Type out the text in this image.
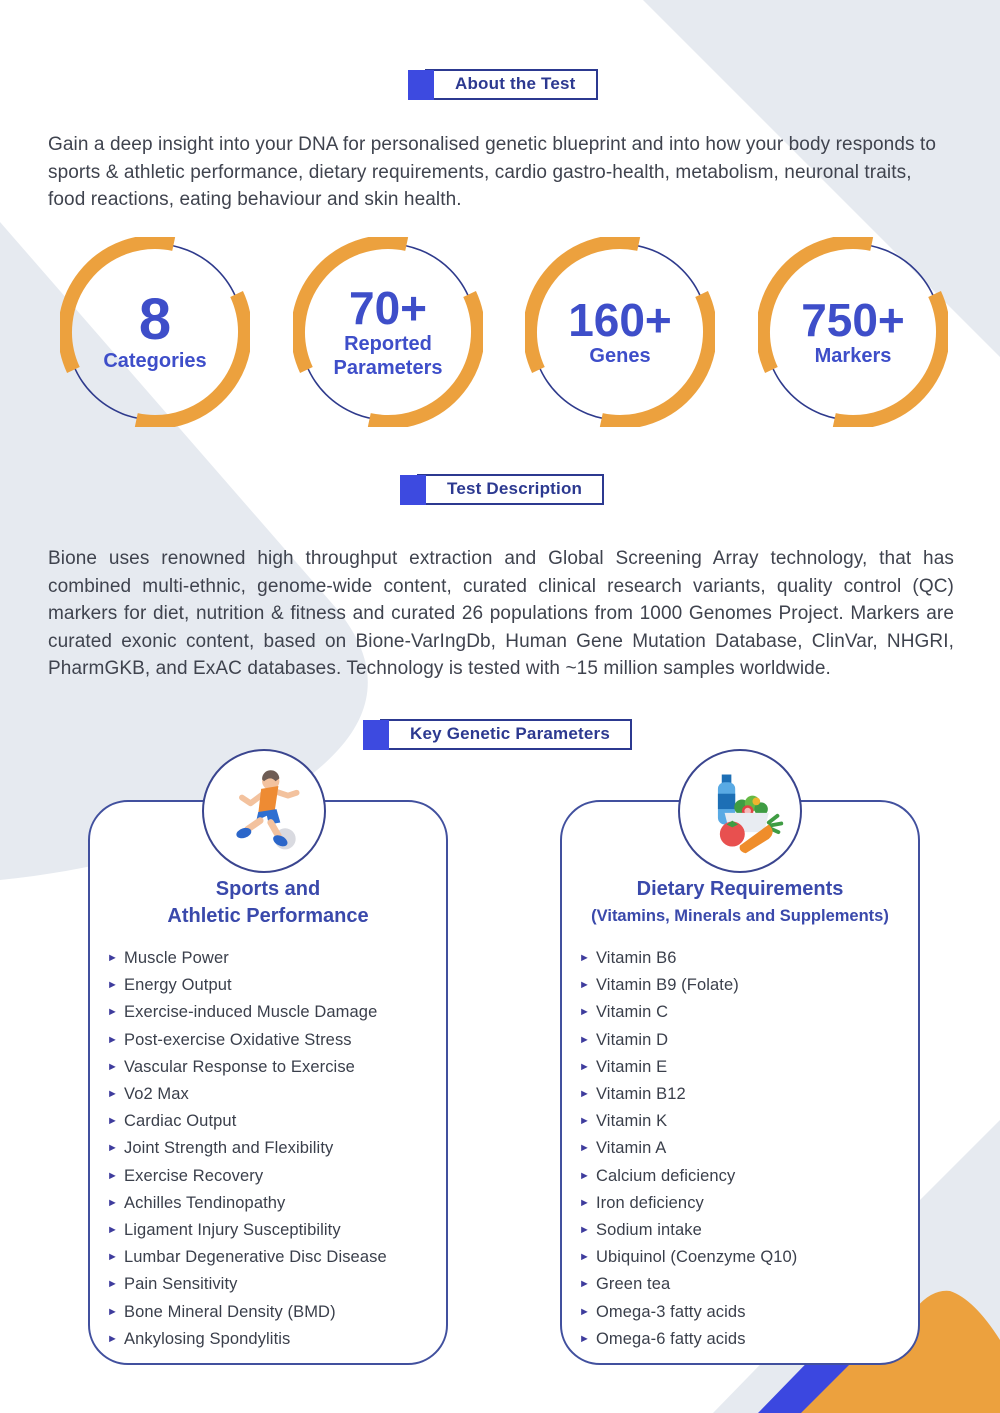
About the Test

Gain a deep insight into your DNA for personalised genetic blueprint and into how your body responds to sports & athletic performance, dietary requirements, cardio gastro-health, metabolism, neuronal traits, food reactions, eating behaviour and skin health.

8
Categories
70+
Reported Parameters
160+
Genes
750+
Markers
Test Description

Bione uses renowned high throughput extraction and Global Screening Array technology, that has combined multi-ethnic, genome-wide content, curated clinical research variants, quality control (QC) markers for diet, nutrition & fitness and curated 26 populations from 1000 Genomes Project. Markers are curated exonic content, based on Bione-VarIngDb, Human Gene Mutation Database, ClinVar, NHGRI, PharmGKB, and ExAC databases. Technology is tested with ~15 million samples worldwide.

Key Genetic Parameters
Sports and
Athletic Performance
► Muscle Power
► Energy Output
► Exercise-induced Muscle Damage
► Post-exercise Oxidative Stress
► Vascular Response to Exercise
► Vo2 Max
► Cardiac Output
► Joint Strength and Flexibility
► Exercise Recovery
► Achilles Tendinopathy
► Ligament Injury Susceptibility
► Lumbar Degenerative Disc Disease
► Pain Sensitivity
► Bone Mineral Density (BMD)
► Ankylosing Spondylitis
Dietary Requirements
(Vitamins, Minerals and Supplements)
► Vitamin B6
► Vitamin B9 (Folate)
► Vitamin C
► Vitamin D
► Vitamin E
► Vitamin B12
► Vitamin K
► Vitamin A
► Calcium deficiency
► Iron deficiency
► Sodium intake
► Ubiquinol (Coenzyme Q10)
► Green tea
► Omega-3 fatty acids
► Omega-6 fatty acids
